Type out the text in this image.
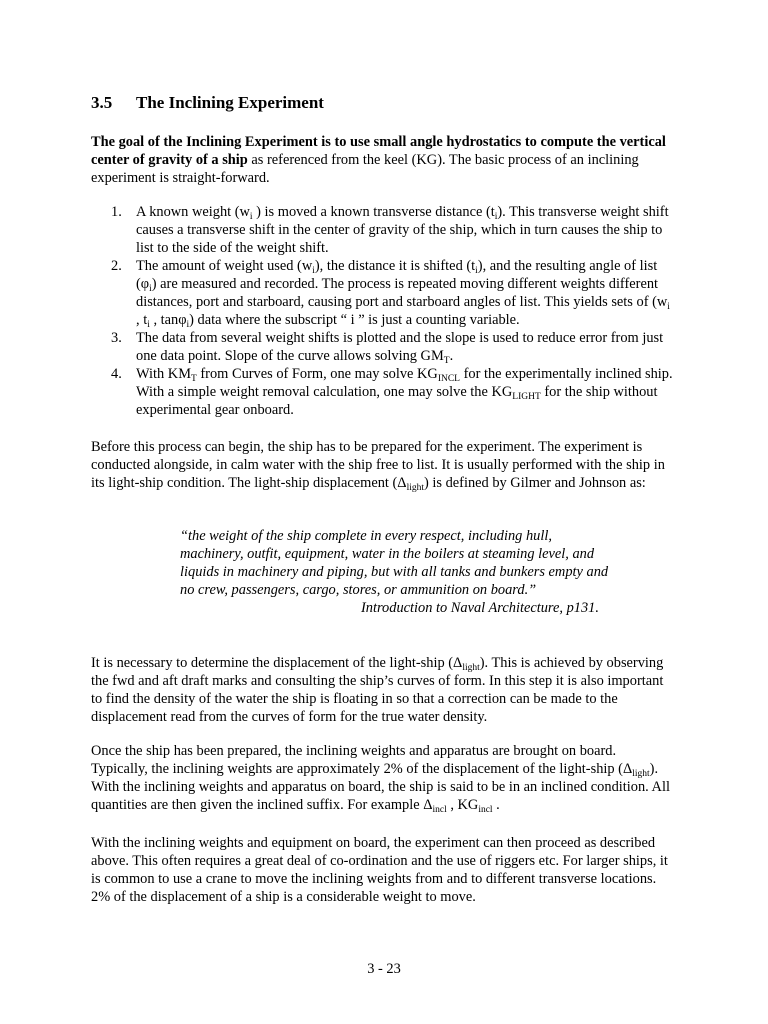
3.5 The Inclining Experiment

The goal of the Inclining Experiment is to use small angle hydrostatics to compute the vertical center of gravity of a ship as referenced from the keel (KG). The basic process of an inclining experiment is straight-forward.

1. A known weight ($w_i$ ) is moved a known transverse distance $(t_i)$. This transverse weight shift causes a transverse shift in the center of gravity of the ship, which in turn causes the ship to list to the side of the weight shift.
2. The amount of weight used $(w_i)$, the distance it is shifted $(t_i)$, and the resulting angle of list $(\varphi_i)$ are measured and recorded. The process is repeated moving different weights different distances, port and starboard, causing port and starboard angles of list. This yields sets of ($w_i$ , $t_i$ , tanφ$_i$) data where the subscript “ i ” is just a counting variable.
3. The data from several weight shifts is plotted and the slope is used to reduce error from just one data point. Slope of the curve allows solving $GM_T$.
4. With $KM_T$ from Curves of Form, one may solve $KG_{INCL}$ for the experimentally inclined ship. With a simple weight removal calculation, one may solve the $KG_{LIGHT}$ for the ship without experimental gear onboard.

Before this process can begin, the ship has to be prepared for the experiment. The experiment is conducted alongside, in calm water with the ship free to list. It is usually performed with the ship in its light-ship condition. The light-ship displacement $(\Delta_{light})$ is defined by Gilmer and Johnson as:

“the weight of the ship complete in every respect, including hull, machinery, outfit, equipment, water in the boilers at steaming level, and liquids in machinery and piping, but with all tanks and bunkers empty and no crew, passengers, cargo, stores, or ammunition on board.”
Introduction to Naval Architecture, p131.

It is necessary to determine the displacement of the light-ship $(\Delta_{light})$. This is achieved by observing the fwd and aft draft marks and consulting the ship’s curves of form. In this step it is also important to find the density of the water the ship is floating in so that a correction can be made to the displacement read from the curves of form for the true water density.

Once the ship has been prepared, the inclining weights and apparatus are brought on board. Typically, the inclining weights are approximately 2% of the displacement of the light-ship $(\Delta_{light})$. With the inclining weights and apparatus on board, the ship is said to be in an inclined condition. All quantities are then given the inclined suffix. For example $\Delta_{incl}$ , $KG_{incl}$ .

With the inclining weights and equipment on board, the experiment can then proceed as described above. This often requires a great deal of co-ordination and the use of riggers etc. For larger ships, it is common to use a crane to move the inclining weights from and to different transverse locations. 2% of the displacement of a ship is a considerable weight to move.

3 - 23
